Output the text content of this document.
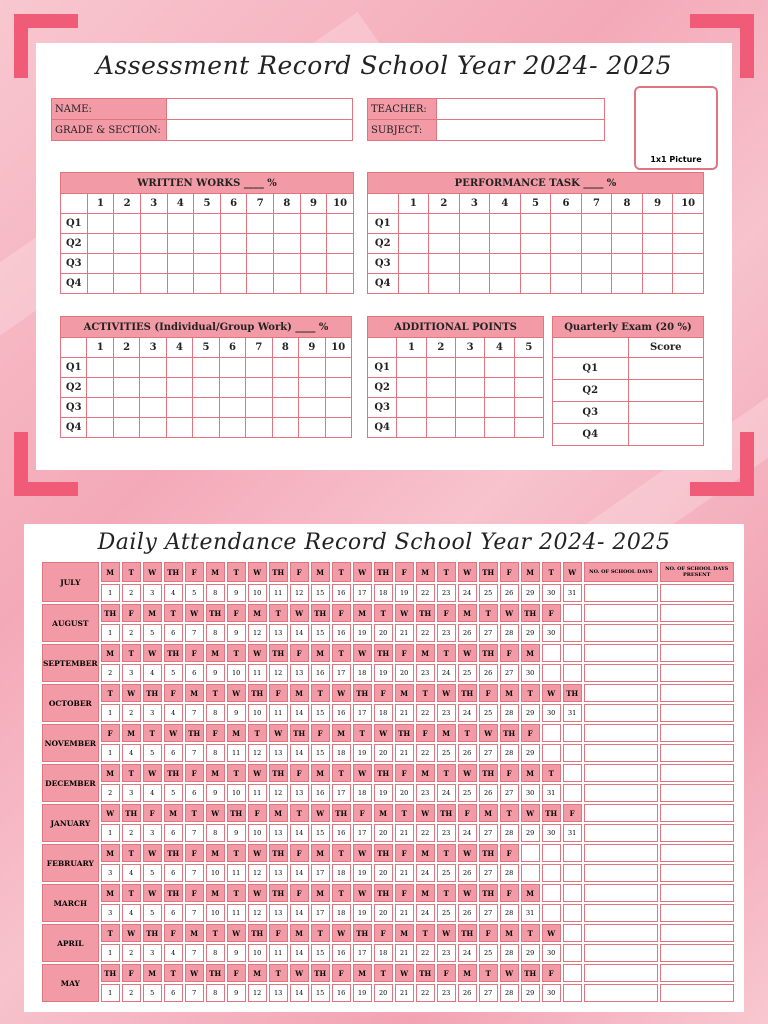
Assessment Record School Year 2024- 2025
NAME:	
GRADE & SECTION:	
TEACHER:	
SUBJECT:	
1x1 Picture
WRITTEN WORKS ____ %										
	1	2	3	4	5	6	7	8	9	10
Q1										
Q2										
Q3										
Q4										
PERFORMANCE TASK ____ %										
	1	2	3	4	5	6	7	8	9	10
Q1										
Q2										
Q3										
Q4										
ACTIVITIES (Individual/Group Work) ____ %										
	1	2	3	4	5	6	7	8	9	10
Q1										
Q2										
Q3										
Q4										
ADDITIONAL POINTS					
	1	2	3	4	5
Q1					
Q2					
Q3					
Q4					
Quarterly Exam (20 %)	
	Score
Q1	
Q2	
Q3	
Q4	
Daily Attendance Record School Year 2024- 2025
JULY	M	T	W	TH	F	M	T	W	TH	F	M	T	W	TH	F	M	T	W	TH	F	M	T	W	NO. OF SCHOOL DAYS	NO. OF SCHOOL DAYS PRESENT
	1	2	3	4	5	8	9	10	11	12	15	16	17	18	19	22	23	24	25	26	29	30	31		
AUGUST	TH	F	M	T	W	TH	F	M	T	W	TH	F	M	T	W	TH	F	M	T	W	TH	F			
	1	2	5	6	7	8	9	12	13	14	15	16	19	20	21	22	23	26	27	28	29	30			
SEPTEMBER	M	T	W	TH	F	M	T	W	TH	F	M	T	W	TH	F	M	T	W	TH	F	M				
	2	3	4	5	6	9	10	11	12	13	16	17	18	19	20	23	24	25	26	27	30				
OCTOBER	T	W	TH	F	M	T	W	TH	F	M	T	W	TH	F	M	T	W	TH	F	M	T	W	TH		
	1	2	3	4	7	8	9	10	11	14	15	16	17	18	21	22	23	24	25	28	29	30	31		
NOVEMBER	F	M	T	W	TH	F	M	T	W	TH	F	M	T	W	TH	F	M	T	W	TH	F				
	1	4	5	6	7	8	11	12	13	14	15	18	19	20	21	22	25	26	27	28	29				
DECEMBER	M	T	W	TH	F	M	T	W	TH	F	M	T	W	TH	F	M	T	W	TH	F	M	T			
	2	3	4	5	6	9	10	11	12	13	16	17	18	19	20	23	24	25	26	27	30	31			
JANUARY	W	TH	F	M	T	W	TH	F	M	T	W	TH	F	M	T	W	TH	F	M	T	W	TH	F		
	1	2	3	6	7	8	9	10	13	14	15	16	17	20	21	22	23	24	27	28	29	30	31		
FEBRUARY	M	T	W	TH	F	M	T	W	TH	F	M	T	W	TH	F	M	T	W	TH	F					
	3	4	5	6	7	10	11	12	13	14	17	18	19	20	21	24	25	26	27	28					
MARCH	M	T	W	TH	F	M	T	W	TH	F	M	T	W	TH	F	M	T	W	TH	F	M				
	3	4	5	6	7	10	11	12	13	14	17	18	19	20	21	24	25	26	27	28	31				
APRIL	T	W	TH	F	M	T	W	TH	F	M	T	W	TH	F	M	T	W	TH	F	M	T	W			
	1	2	3	4	7	8	9	10	11	14	15	16	17	18	21	22	23	24	25	28	29	30			
MAY	TH	F	M	T	W	TH	F	M	T	W	TH	F	M	T	W	TH	F	M	T	W	TH	F			
	1	2	5	6	7	8	9	12	13	14	15	16	19	20	21	22	23	26	27	28	29	30			
